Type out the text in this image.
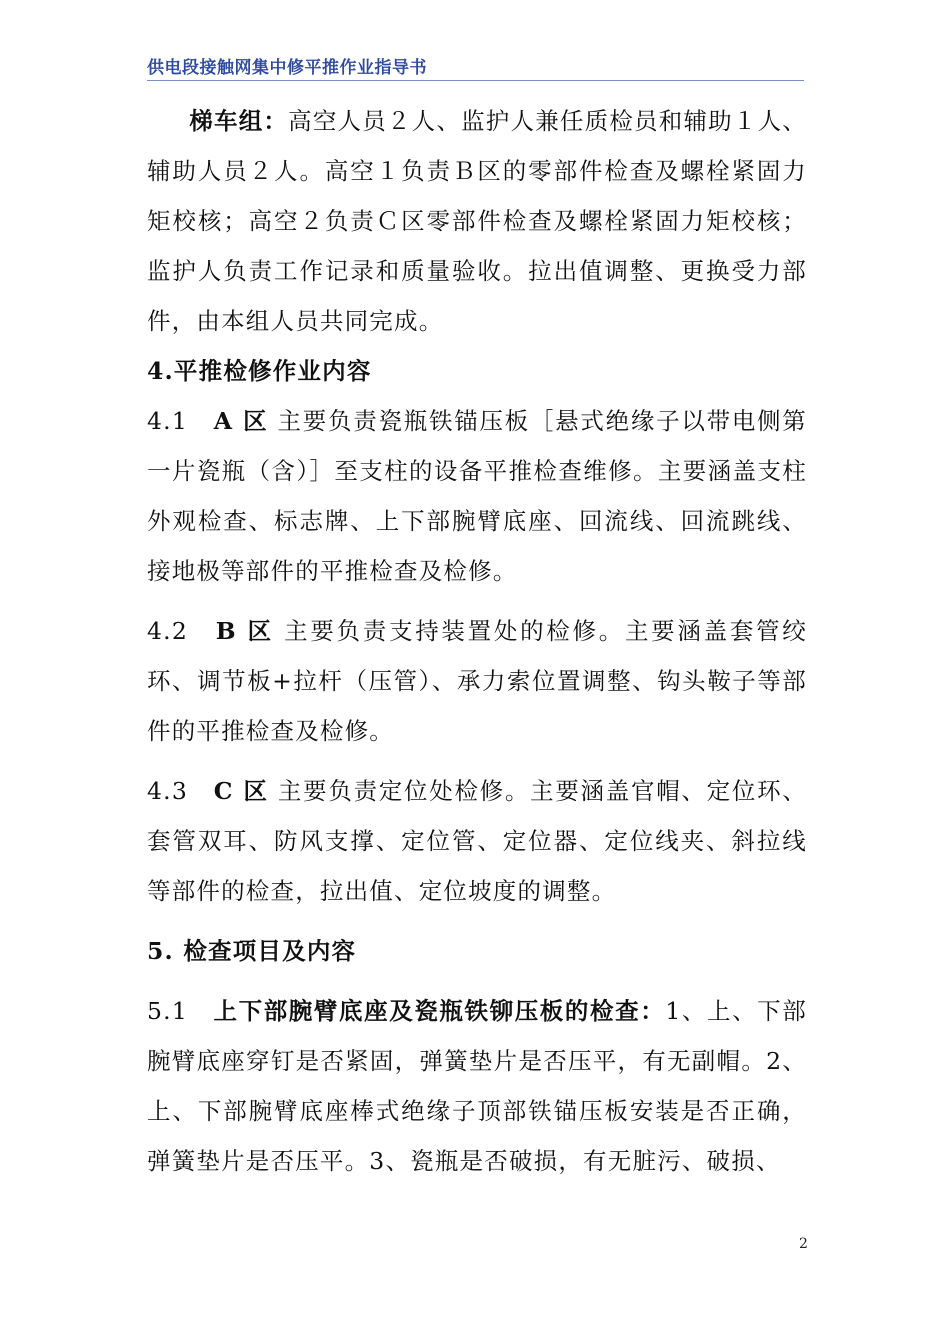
供电段接触网集中修平推作业指导书

梯车组：高空人员２人、监护人兼任质检员和辅助１人、辅助人员２人。高空１负责Ｂ区的零部件检查及螺栓紧固力矩校核；高空２负责Ｃ区零部件检查及螺栓紧固力矩校核；监护人负责工作记录和质量验收。拉出值调整、更换受力部件，由本组人员共同完成。

4.平推检修作业内容

4.1　A 区 主要负责瓷瓶铁锚压板［悬式绝缘子以带电侧第一片瓷瓶（含）］至支柱的设备平推检查维修。主要涵盖支柱外观检查、标志牌、上下部腕臂底座、回流线、回流跳线、接地极等部件的平推检查及检修。

4.2　B 区 主要负责支持装置处的检修。主要涵盖套管绞环、调节板+拉杆（压管）、承力索位置调整、钩头鞍子等部件的平推检查及检修。

4.3　C 区 主要负责定位处检修。主要涵盖官帽、定位环、套管双耳、防风支撑、定位管、定位器、定位线夹、斜拉线等部件的检查，拉出值、定位坡度的调整。

5. 检查项目及内容

5.1　上下部腕臂底座及瓷瓶铁铆压板的检查：1、上、下部腕臂底座穿钉是否紧固，弹簧垫片是否压平，有无副帽。2、上、下部腕臂底座棒式绝缘子顶部铁锚压板安装是否正确，弹簧垫片是否压平。3、瓷瓶是否破损，有无脏污、破损、

2
